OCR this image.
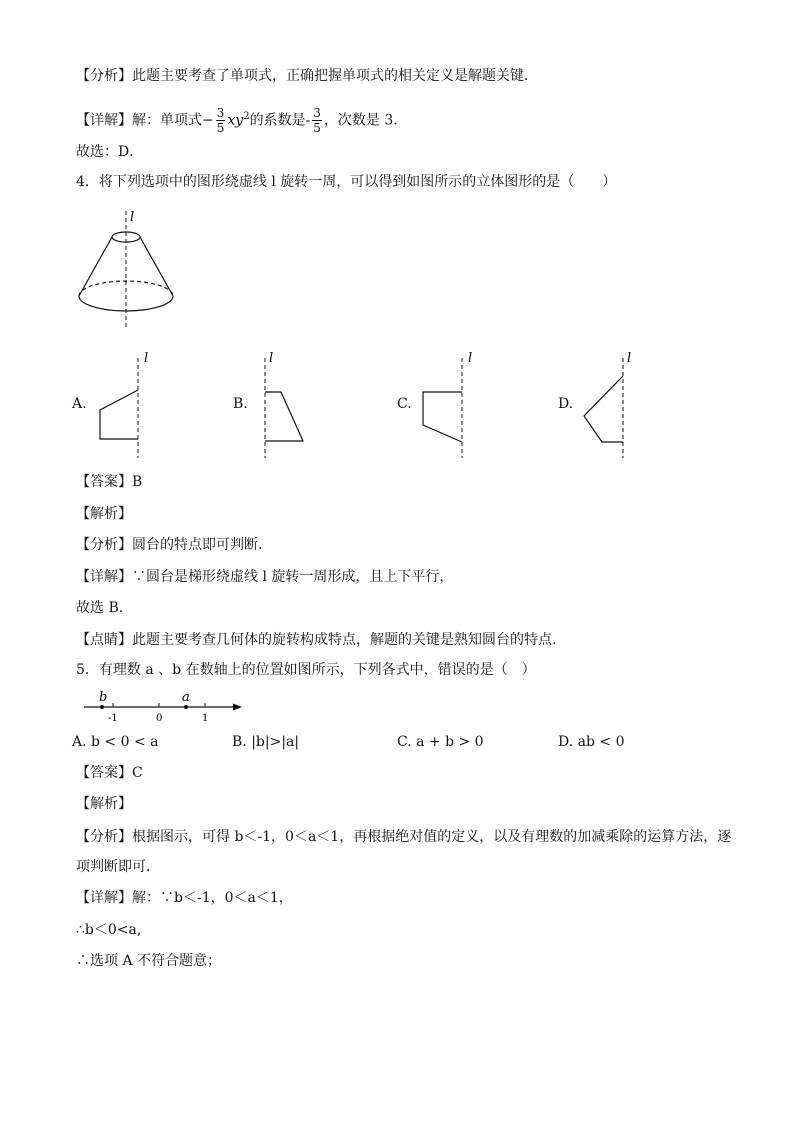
【分析】此题主要考查了单项式，正确把握单项式的相关定义是解题关键．
【详解】解：单项式− $\frac{3}{5} xy^2$的系数是- $\frac{3}{5}$ ，次数是 3.
故选：D．
4．将下列选项中的图形绕虚线 l 旋转一周，可以得到如图所示的立体图形的是（　　）
l
A.
l
B.
l
C.
l
D.
l
【答案】B
【解析】
【分析】圆台的特点即可判断.
【详解】∵圆台是梯形绕虚线 l 旋转一周形成，且上下平行，
故选 B.
【点睛】此题主要考查几何体的旋转构成特点，解题的关键是熟知圆台的特点.
5．有理数 a 、b 在数轴上的位置如图所示，下列各式中，错误的是（　）
b	a
-1	0	1
A. b < 0 < a	B. |b|>|a|	C. a + b > 0	D. ab < 0
【答案】C
【解析】
【分析】根据图示，可得 b＜-1，0＜a＜1，再根据绝对值的定义，以及有理数的加减乘除的运算方法，逐
项判断即可．
【详解】解：∵b＜-1，0＜a＜1，
∴b＜0<a,
∴选项 A 不符合题意；
